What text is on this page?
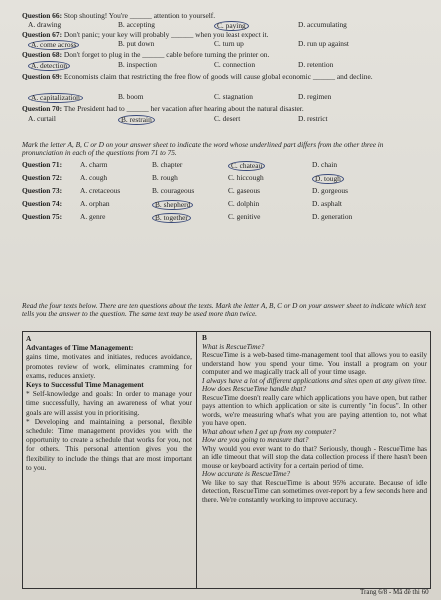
Question 66: Stop shouting! You're ______ attention to yourself.
A. drawing	B. accepting	C. paying	D. accumulating
Question 67: Don't panic; your key will probably ______ when you least expect it.
A. come across	B. put down	C. turn up	D. run up against
Question 68: Don't forget to plug in the ______ cable before turning the printer on.
A. detection	B. inspection	C. connection	D. retention
Question 69: Economists claim that restricting the free flow of goods will cause global economic ______ and decline.
A. capitalization	B. boom	C. stagnation	D. regimen
Question 70: The President had to ______ her vacation after hearing about the natural disaster.
A. curtail	B. restrain	C. desert	D. restrict
Mark the letter A, B, C or D on your answer sheet to indicate the word whose underlined part differs from the other three in pronunciation in each of the questions from 71 to 75.
Question 71: A. charm	B. chapter	C. chateau	D. chain
Question 72: A. cough	B. rough	C. hiccough	D. tough
Question 73: A. cretaceous	B. courageous	C. gaseous	D. gorgeous
Question 74: A. orphan	B. shepherd	C. dolphin	D. asphalt
Question 75: A. genre	B. together	C. genitive	D. generation
Read the four texts below. There are ten questions about the texts. Mark the letter A, B, C or D on your answer sheet to indicate which text tells you the answer to the question. The same text may be used more than twice.

A

Advantages of Time Management:

gains time, motivates and initiates, reduces avoidance, promotes review of work, eliminates cramming for exams, reduces anxiety.

Keys to Successful Time Management

* Self-knowledge and goals: In order to manage your time successfully, having an awareness of what your goals are will assist you in prioritising.

* Developing and maintaining a personal, flexible schedule: Time management provides you with the opportunity to create a schedule that works for you, not for others. This personal attention gives you the flexibility to include the things that are most important to you.

B

What is RescueTime?

RescueTime is a web-based time-management tool that allows you to easily understand how you spend your time. You install a program on your computer and we magically track all of your time usage.

I always have a lot of different applications and sites open at any given time. How does RescueTime handle that?

RescueTime doesn't really care which applications you have open, but rather pays attention to which application or site is currently "in focus". In other words, we're measuring what's what you are paying attention to, not what you have open.

What about when I get up from my computer?

How are you going to measure that?

Why would you ever want to do that? Seriously, though - RescueTime has an idle timeout that will stop the data collection process if there hasn't been mouse or keyboard activity for a certain period of time.

How accurate is RescueTime?

We like to say that RescueTime is about 95% accurate. Because of idle detection, RescueTime can sometimes over-report by a few seconds here and there. We're constantly working to improve accuracy.

Trang 6/8 - Mã đề thi 60
